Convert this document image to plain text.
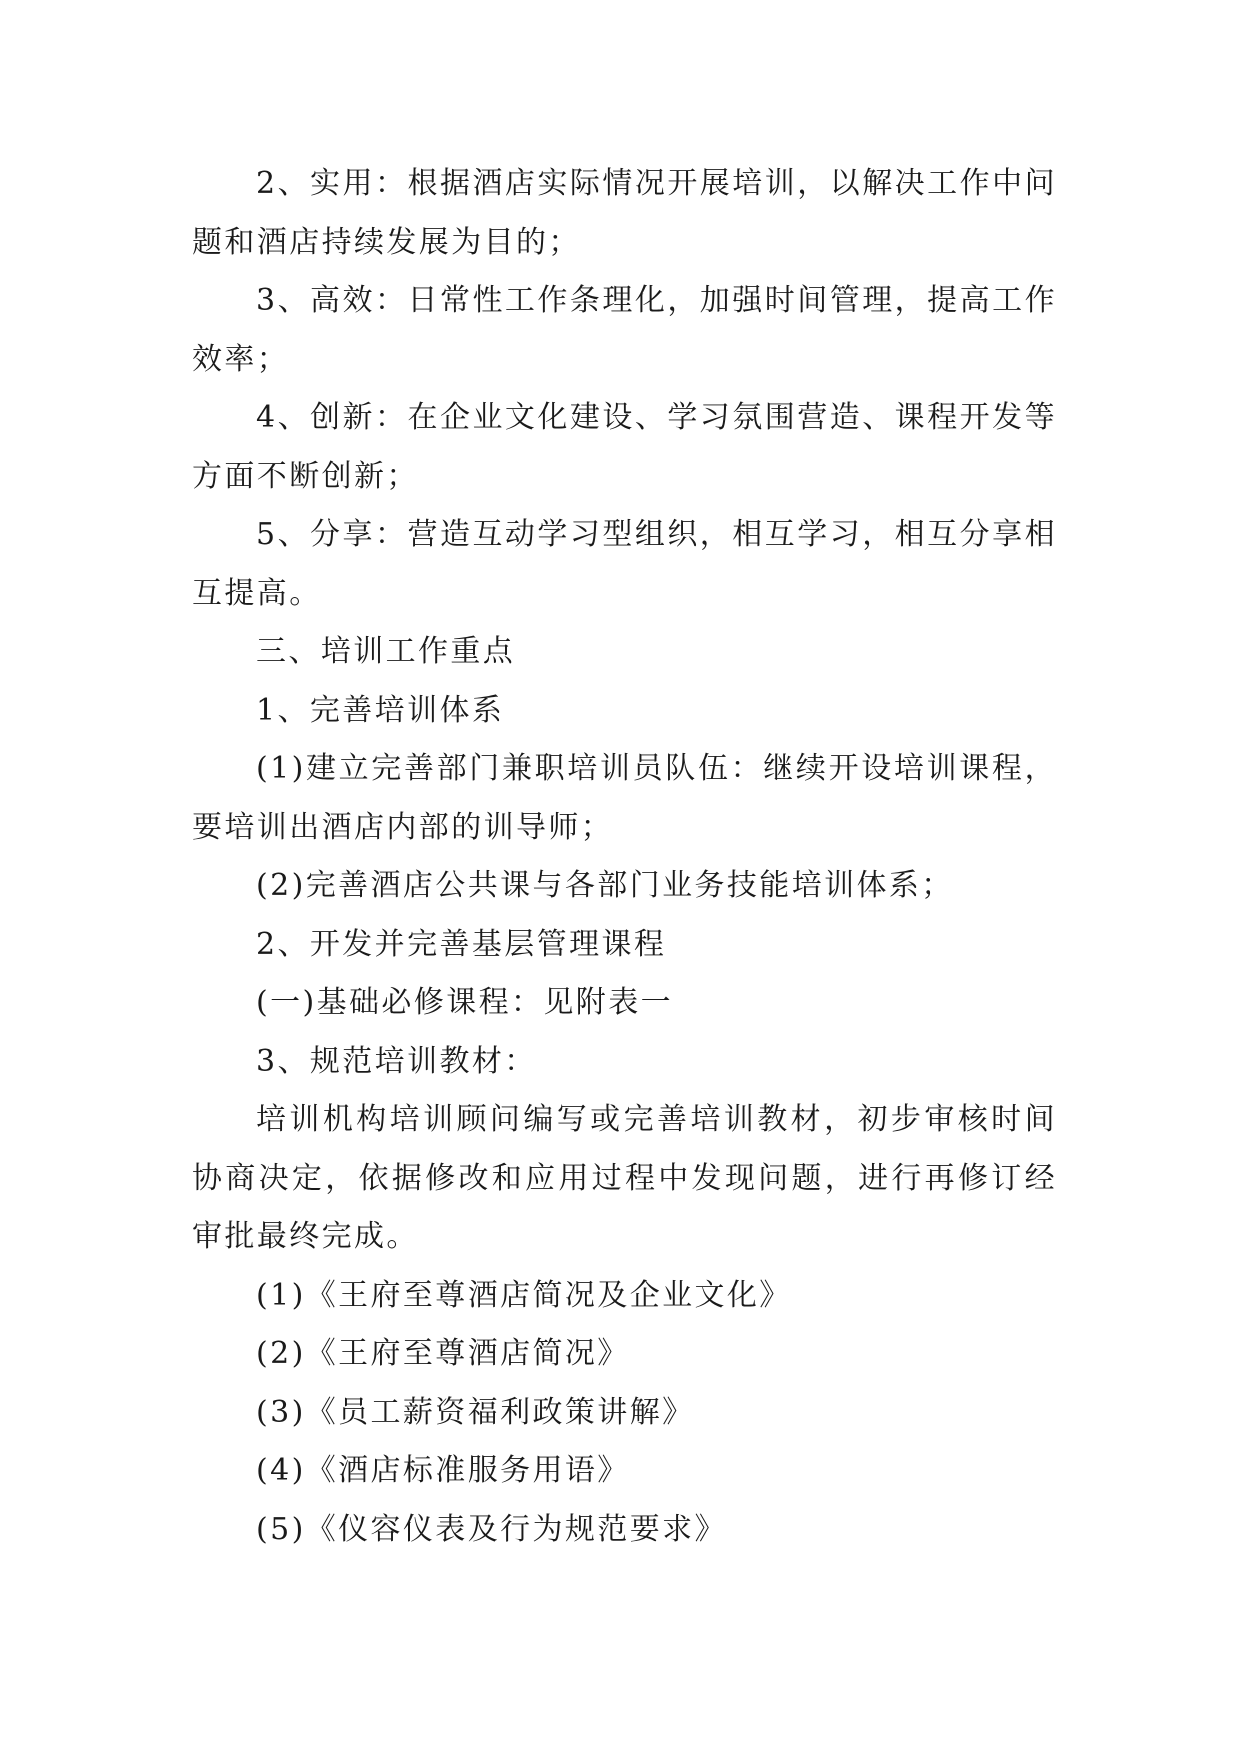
2、实用：根据酒店实际情况开展培训，以解决工作中问题和酒店持续发展为目的；

3、高效：日常性工作条理化，加强时间管理，提高工作效率；

4、创新：在企业文化建设、学习氛围营造、课程开发等方面不断创新；

5、分享：营造互动学习型组织，相互学习，相互分享相互提高。

三、培训工作重点

1、完善培训体系

(1)建立完善部门兼职培训员队伍：继续开设培训课程，要培训出酒店内部的训导师；

(2)完善酒店公共课与各部门业务技能培训体系；

2、开发并完善基层管理课程

(一)基础必修课程：见附表一

3、规范培训教材：

培训机构培训顾问编写或完善培训教材，初步审核时间协商决定，依据修改和应用过程中发现问题，进行再修订经审批最终完成。

(1)《王府至尊酒店简况及企业文化》

(2)《王府至尊酒店简况》

(3)《员工薪资福利政策讲解》

(4)《酒店标准服务用语》

(5)《仪容仪表及行为规范要求》
